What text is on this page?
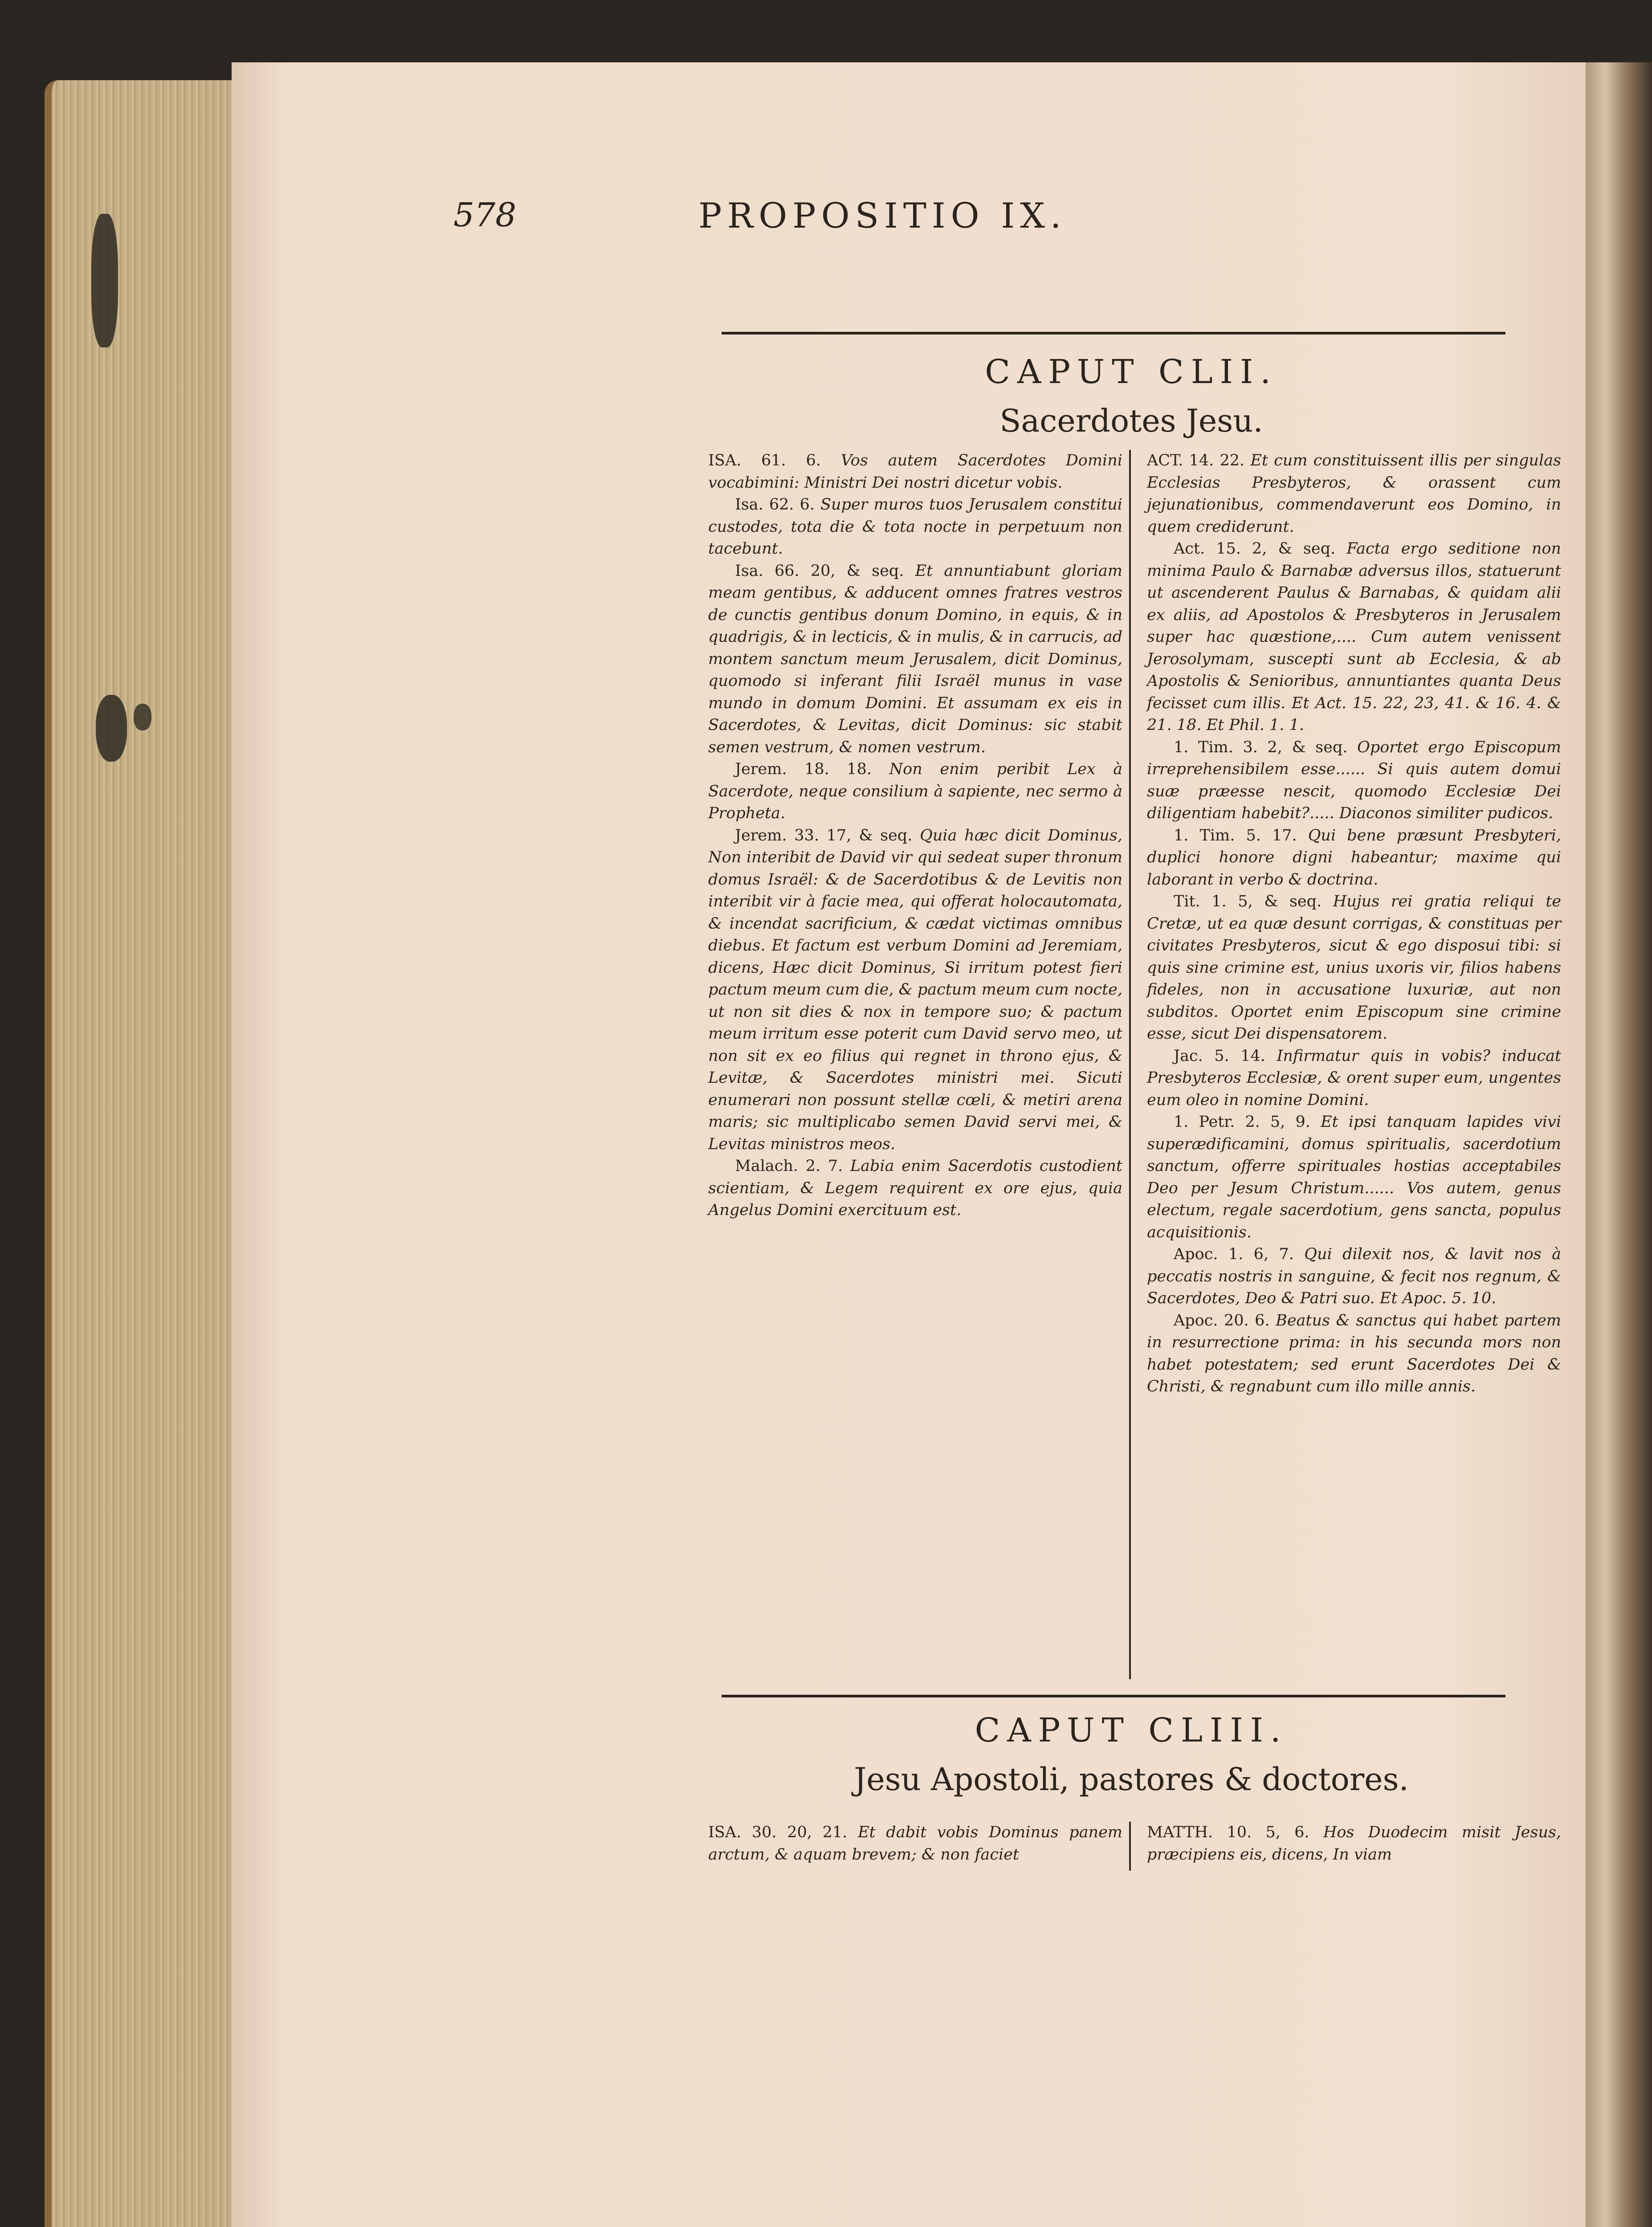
578	PROPOSITIO IX.
CAPUT CLII.
Sacerdotes Jesu.

ISA. 61. 6. Vos autem Sacerdotes Domini vocabimini: Ministri Dei nostri dicetur vobis.

Isa. 62. 6. Super muros tuos Jerusalem constitui custodes, tota die & tota nocte in perpetuum non tacebunt.

Isa. 66. 20, & seq. Et annuntiabunt gloriam meam gentibus, & adducent omnes fratres vestros de cunctis gentibus donum Domino, in equis, & in quadrigis, & in lecticis, & in mulis, & in carrucis, ad montem sanctum meum Jerusalem, dicit Dominus, quomodo si inferant filii Israël munus in vase mundo in domum Domini. Et assumam ex eis in Sacerdotes, & Levitas, dicit Dominus: sic stabit semen vestrum, & nomen vestrum.

Jerem. 18. 18. Non enim peribit Lex à Sacerdote, neque consilium à sapiente, nec sermo à Propheta.

Jerem. 33. 17, & seq. Quia hæc dicit Dominus, Non interibit de David vir qui sedeat super thronum domus Israël: & de Sacerdotibus & de Levitis non interibit vir à facie mea, qui offerat holocautomata, & incendat sacrificium, & cædat victimas omnibus diebus. Et factum est verbum Domini ad Jeremiam, dicens, Hæc dicit Dominus, Si irritum potest fieri pactum meum cum die, & pactum meum cum nocte, ut non sit dies & nox in tempore suo; & pactum meum irritum esse poterit cum David servo meo, ut non sit ex eo filius qui regnet in throno ejus, & Levitæ, & Sacerdotes ministri mei. Sicuti enumerari non possunt stellæ cœli, & metiri arena maris; sic multiplicabo semen David servi mei, & Levitas ministros meos.

Malach. 2. 7. Labia enim Sacerdotis custodient scientiam, & Legem requirent ex ore ejus, quia Angelus Domini exercituum est.

ACT. 14. 22. Et cum constituissent illis per singulas Ecclesias Presbyteros, & orassent cum jejunationibus, commendaverunt eos Domino, in quem crediderunt.

Act. 15. 2, & seq. Facta ergo seditione non minima Paulo & Barnabæ adversus illos, statuerunt ut ascenderent Paulus & Barnabas, & quidam alii ex aliis, ad Apostolos & Presbyteros in Jerusalem super hac quæstione,.... Cum autem venissent Jerosolymam, suscepti sunt ab Ecclesia, & ab Apostolis & Senioribus, annuntiantes quanta Deus fecisset cum illis. Et Act. 15. 22, 23, 41. & 16. 4. & 21. 18. Et Phil. 1. 1.

1. Tim. 3. 2, & seq. Oportet ergo Episcopum irreprehensibilem esse...... Si quis autem domui suæ præesse nescit, quomodo Ecclesiæ Dei diligentiam habebit?..... Diaconos similiter pudicos.

1. Tim. 5. 17. Qui bene præsunt Presbyteri, duplici honore digni habeantur; maxime qui laborant in verbo & doctrina.

Tit. 1. 5, & seq. Hujus rei gratia reliqui te Cretæ, ut ea quæ desunt corrigas, & constituas per civitates Presbyteros, sicut & ego disposui tibi: si quis sine crimine est, unius uxoris vir, filios habens fideles, non in accusatione luxuriæ, aut non subditos. Oportet enim Episcopum sine crimine esse, sicut Dei dispensatorem.

Jac. 5. 14. Infirmatur quis in vobis? inducat Presbyteros Ecclesiæ, & orent super eum, ungentes eum oleo in nomine Domini.

1. Petr. 2. 5, 9. Et ipsi tanquam lapides vivi superædificamini, domus spiritualis, sacerdotium sanctum, offerre spirituales hostias acceptabiles Deo per Jesum Christum...... Vos autem, genus electum, regale sacerdotium, gens sancta, populus acquisitionis.

Apoc. 1. 6, 7. Qui dilexit nos, & lavit nos à peccatis nostris in sanguine, & fecit nos regnum, & Sacerdotes, Deo & Patri suo. Et Apoc. 5. 10.

Apoc. 20. 6. Beatus & sanctus qui habet partem in resurrectione prima: in his secunda mors non habet potestatem; sed erunt Sacerdotes Dei & Christi, & regnabunt cum illo mille annis.

CAPUT CLIII.
Jesu Apostoli, pastores & doctores.

ISA. 30. 20, 21. Et dabit vobis Dominus panem arctum, & aquam brevem; & non faciet

MATTH. 10. 5, 6. Hos Duodecim misit Jesus, præcipiens eis, dicens, In viam
